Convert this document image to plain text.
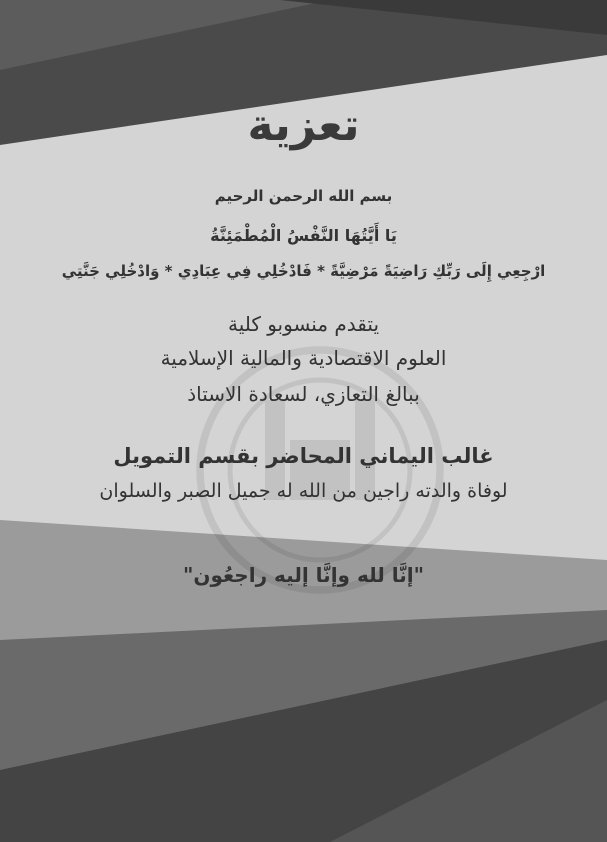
تعزية
بسم الله الرحمن الرحيم
يَا أَيَّتُهَا النَّفْسُ الْمُطْمَئِنَّةُ
ارْجِعِي إِلَى رَبِّكِ رَاضِيَةً مَرْضِيَّةً * فَادْخُلِي فِي عِبَادِي * وَادْخُلِي جَنَّتِي
يتقدم منسوبو كلية
العلوم الاقتصادية والمالية الإسلامية
ببالغ التعازي، لسعادة الاستاذ
غالب اليماني المحاضر بقسم التمويل
لوفاة والدته راجين من الله له جميل الصبر والسلوان
"إنَّا لله وإنَّا إليه راجعُون"
